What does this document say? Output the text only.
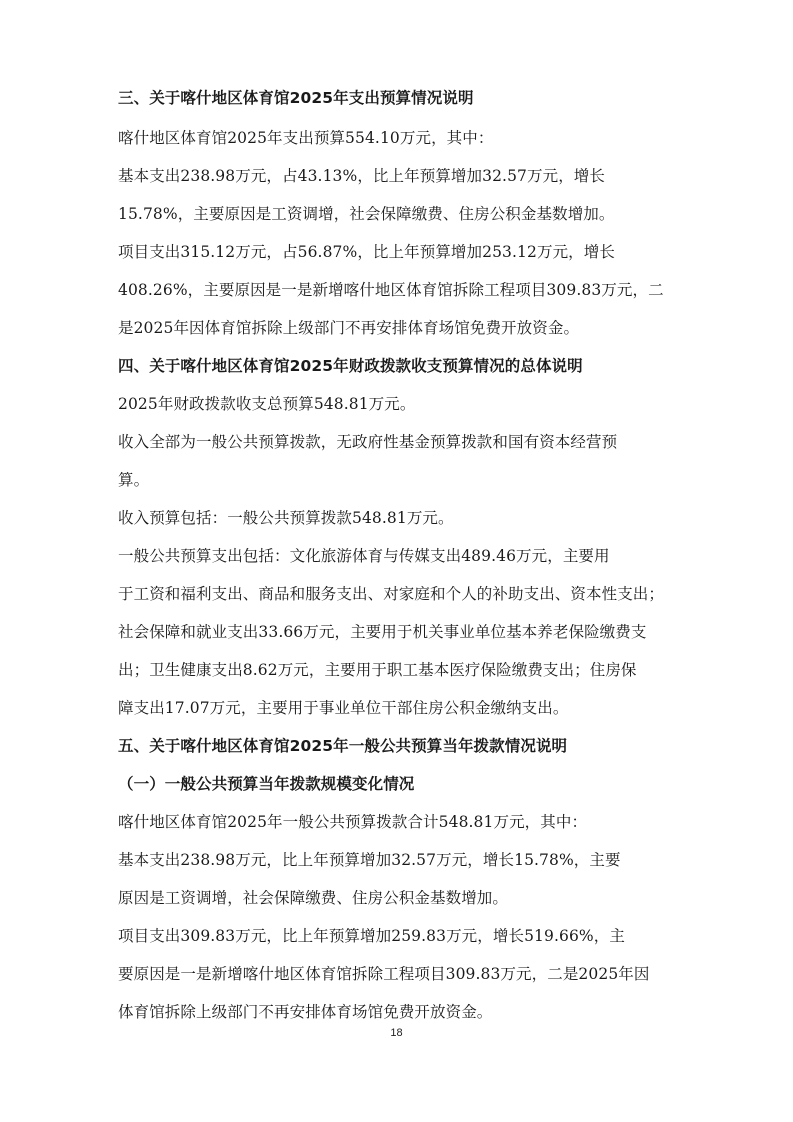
三、关于喀什地区体育馆2025年支出预算情况说明
喀什地区体育馆2025年支出预算554.10万元，其中：
基本支出238.98万元，占43.13%，比上年预算增加32.57万元，增长
15.78%，主要原因是工资调增，社会保障缴费、住房公积金基数增加。
项目支出315.12万元，占56.87%，比上年预算增加253.12万元，增长
408.26%，主要原因是一是新增喀什地区体育馆拆除工程项目309.83万元，二
是2025年因体育馆拆除上级部门不再安排体育场馆免费开放资金。
四、关于喀什地区体育馆2025年财政拨款收支预算情况的总体说明
2025年财政拨款收支总预算548.81万元。
收入全部为一般公共预算拨款，无政府性基金预算拨款和国有资本经营预
算。
收入预算包括：一般公共预算拨款548.81万元。
一般公共预算支出包括：文化旅游体育与传媒支出489.46万元，主要用
于工资和福利支出、商品和服务支出、对家庭和个人的补助支出、资本性支出；
社会保障和就业支出33.66万元，主要用于机关事业单位基本养老保险缴费支
出；卫生健康支出8.62万元，主要用于职工基本医疗保险缴费支出；住房保
障支出17.07万元，主要用于事业单位干部住房公积金缴纳支出。
五、关于喀什地区体育馆2025年一般公共预算当年拨款情况说明
（一）一般公共预算当年拨款规模变化情况
喀什地区体育馆2025年一般公共预算拨款合计548.81万元，其中：
基本支出238.98万元，比上年预算增加32.57万元，增长15.78%，主要
原因是工资调增，社会保障缴费、住房公积金基数增加。
项目支出309.83万元，比上年预算增加259.83万元，增长519.66%，主
要原因是一是新增喀什地区体育馆拆除工程项目309.83万元，二是2025年因
体育馆拆除上级部门不再安排体育场馆免费开放资金。
18
